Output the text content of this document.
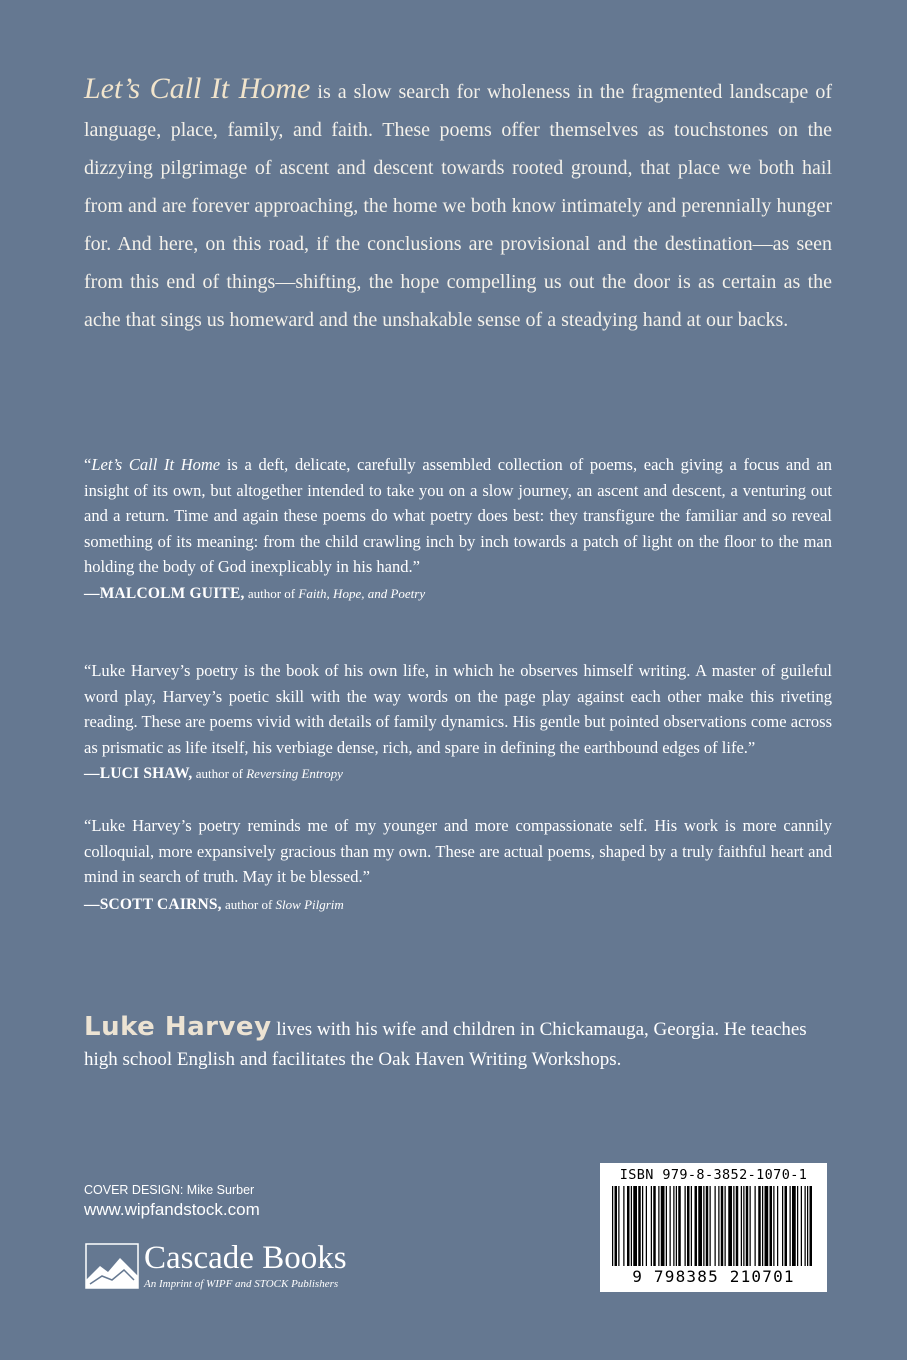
Let’s Call It Home is a slow search for wholeness in the fragmented landscape of language, place, family, and faith. These poems offer themselves as touchstones on the dizzying pilgrimage of ascent and descent towards rooted ground, that place we both hail from and are forever approaching, the home we both know intimately and perennially hunger for. And here, on this road, if the conclusions are provisional and the destination—as seen from this end of things—shifting, the hope compelling us out the door is as certain as the ache that sings us homeward and the unshakable sense of a steadying hand at our backs.
“Let’s Call It Home is a deft, delicate, carefully assembled collection of poems, each giving a focus and an insight of its own, but altogether intended to take you on a slow journey, an ascent and descent, a venturing out and a return. Time and again these poems do what poetry does best: they transfigure the familiar and so reveal something of its meaning: from the child crawling inch by inch towards a patch of light on the floor to the man holding the body of God inexplicably in his hand.”
—MALCOLM GUITE, author of Faith, Hope, and Poetry
“Luke Harvey’s poetry is the book of his own life, in which he observes himself writing. A master of guileful word play, Harvey’s poetic skill with the way words on the page play against each other make this riveting reading. These are poems vivid with details of family dynamics. His gentle but pointed observations come across as prismatic as life itself, his verbiage dense, rich, and spare in defining the earthbound edges of life.”
—LUCI SHAW, author of Reversing Entropy
“Luke Harvey’s poetry reminds me of my younger and more compassionate self. His work is more cannily colloquial, more expansively gracious than my own. These are actual poems, shaped by a truly faithful heart and mind in search of truth. May it be blessed.”
—SCOTT CAIRNS, author of Slow Pilgrim
Luke Harvey lives with his wife and children in Chickamauga, Georgia. He teaches high school English and facilitates the Oak Haven Writing Workshops.
COVER DESIGN: Mike Surber
www.wipfandstock.com
Cascade Books
An Imprint of WIPF and STOCK Publishers
ISBN 979-8-3852-1070-1
9 798385 210701
